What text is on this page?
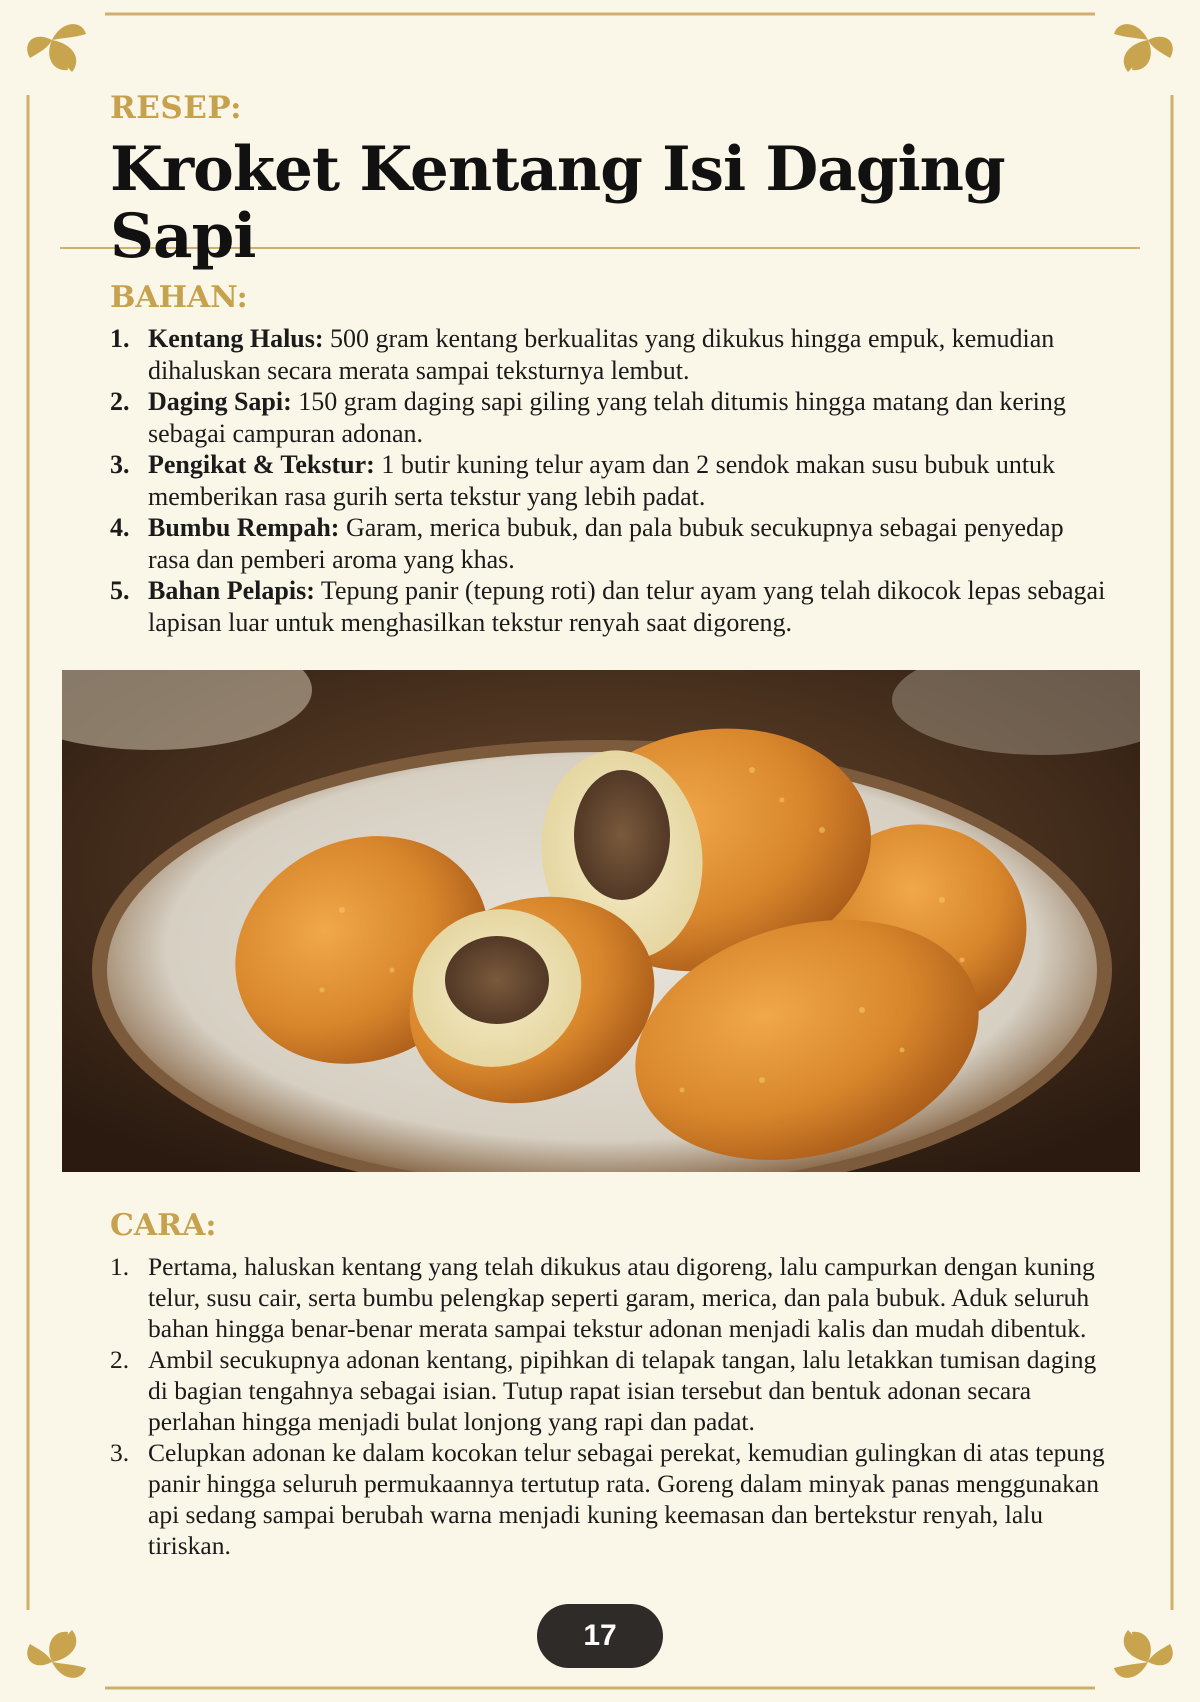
RESEP:
Kroket Kentang Isi Daging Sapi
BAHAN:
1. Kentang Halus: 500 gram kentang berkualitas yang dikukus hingga empuk, kemudian dihaluskan secara merata sampai teksturnya lembut.
2. Daging Sapi: 150 gram daging sapi giling yang telah ditumis hingga matang dan kering sebagai campuran adonan.
3. Pengikat & Tekstur: 1 butir kuning telur ayam dan 2 sendok makan susu bubuk untuk memberikan rasa gurih serta tekstur yang lebih padat.
4. Bumbu Rempah: Garam, merica bubuk, dan pala bubuk secukupnya sebagai penyedap rasa dan pemberi aroma yang khas.
5. Bahan Pelapis: Tepung panir (tepung roti) dan telur ayam yang telah dikocok lepas sebagai lapisan luar untuk menghasilkan tekstur renyah saat digoreng.
CARA:
1. Pertama, haluskan kentang yang telah dikukus atau digoreng, lalu campurkan dengan kuning telur, susu cair, serta bumbu pelengkap seperti garam, merica, dan pala bubuk. Aduk seluruh bahan hingga benar-benar merata sampai tekstur adonan menjadi kalis dan mudah dibentuk.
2. Ambil secukupnya adonan kentang, pipihkan di telapak tangan, lalu letakkan tumisan daging di bagian tengahnya sebagai isian. Tutup rapat isian tersebut dan bentuk adonan secara perlahan hingga menjadi bulat lonjong yang rapi dan padat.
3. Celupkan adonan ke dalam kocokan telur sebagai perekat, kemudian gulingkan di atas tepung panir hingga seluruh permukaannya tertutup rata. Goreng dalam minyak panas menggunakan api sedang sampai berubah warna menjadi kuning keemasan dan bertekstur renyah, lalu tiriskan.
17
